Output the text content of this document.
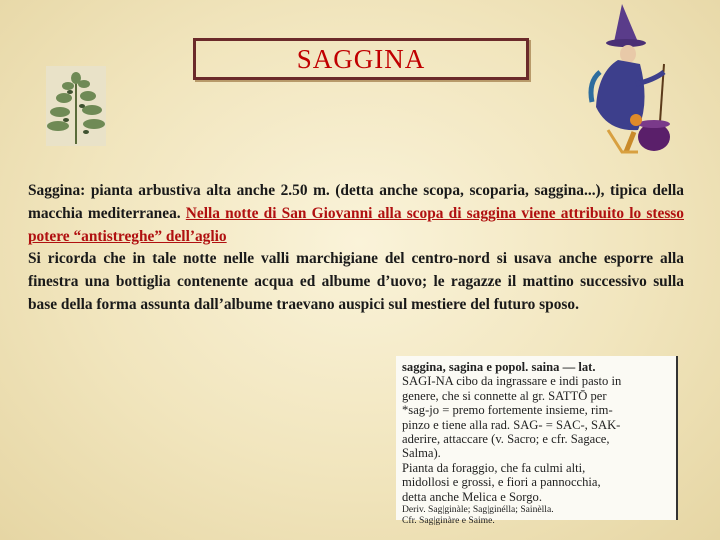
SAGGINA

Saggina: pianta arbustiva alta anche 2.50 m. (detta anche scopa, scoparia, saggina...), tipica della macchia mediterranea. Nella notte di San Giovanni alla scopa di saggina viene attribuito lo stesso potere “antistreghe” dell’aglio

Si ricorda che in tale notte nelle valli marchigiane del centro-nord si usava anche esporre alla finestra una bottiglia contenente acqua ed albume d’uovo; le ragazze il mattino successivo sulla base della forma assunta dall’albume traevano auspici sul mestiere del futuro sposo.

saggina, sagina e popol. saina — lat.

SAGI-NA cibo da ingrassare e indi pasto in

genere, che si connette al gr. SATTŌ per

*sag-jo = premo fortemente insieme, rim-

pinzo e tiene alla rad. SAG- = SAC-, SAK-

aderire, attaccare (v. Sacro; e cfr. Sagace,

Salma).

Pianta da foraggio, che fa culmi alti,

midollosi e grossi, e fiori a pannocchia,

detta anche Melica e Sorgo.

Deriv. Sag|ginàle; Sag|ginélla; Sainèlla.

Cfr. Sag|ginàre e Saime.
